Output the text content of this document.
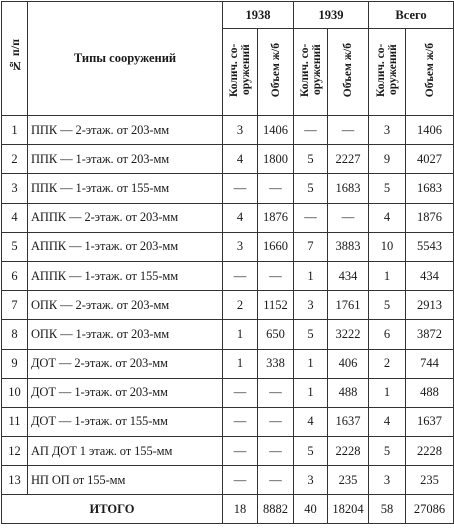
№ п/п	Типы сооружений	1938		1939		Всего	
		Колич. со-оружений	Объем ж/б	Колич. со-оружений	Объем ж/б	Колич. со-оружений	Объем ж/б
1	ППК — 2-этаж. от 203-мм	3	1406	—	—	3	1406
2	ППК — 1-этаж. от 203-мм	4	1800	5	2227	9	4027
3	ППК — 1-этаж. от 155-мм	—	—	5	1683	5	1683
4	АППК — 2-этаж. от 203-мм	4	1876	—	—	4	1876
5	АППК — 1-этаж. от 203-мм	3	1660	7	3883	10	5543
6	АППК — 1-этаж. от 155-мм	—	—	1	434	1	434
7	ОПК — 2-этаж. от 203-мм	2	1152	3	1761	5	2913
8	ОПК — 1-этаж. от 203-мм	1	650	5	3222	6	3872
9	ДОТ — 2-этаж. от 203-мм	1	338	1	406	2	744
10	ДОТ — 1-этаж. от 203-мм	—	—	1	488	1	488
11	ДОТ — 1-этаж. от 155-мм	—	—	4	1637	4	1637
12	АП ДОТ 1 этаж. от 155-мм	—	—	5	2228	5	2228
13	НП ОП от 155-мм	—	—	3	235	3	235
ИТОГО		18	8882	40	18204	58	27086
